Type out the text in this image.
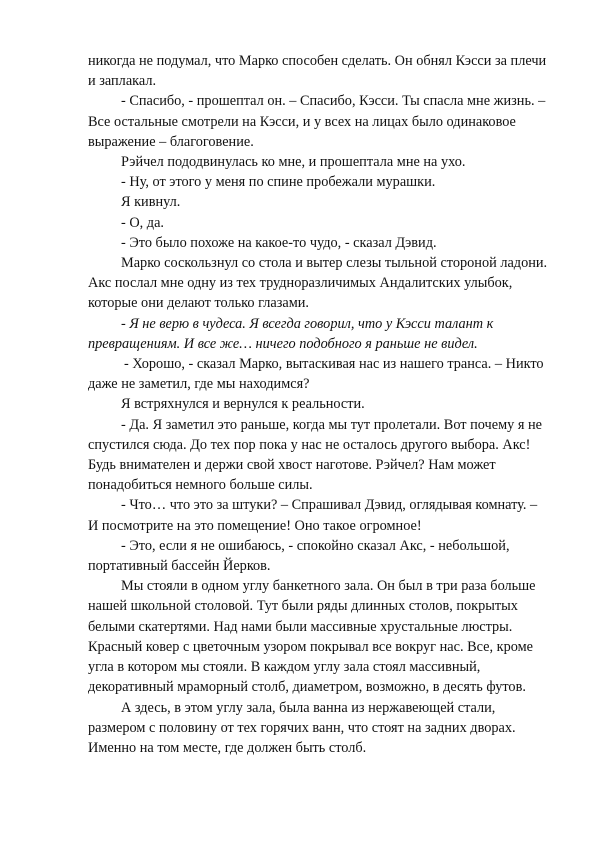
никогда не подумал, что Марко способен сделать. Он обнял Кэсси за плечи и заплакал.

- Спасибо, - прошептал он. – Спасибо, Кэсси. Ты спасла мне жизнь. – Все остальные смотрели на Кэсси, и у всех на лицах было одинаковое выражение – благоговение.

Рэйчел пододвинулась ко мне, и прошептала мне на ухо.

- Ну, от этого у меня по спине пробежали мурашки.

Я кивнул.

- О, да.

- Это было похоже на какое-то чудо, - сказал Дэвид.

Марко соскользнул со стола и вытер слезы тыльной стороной ладони. Акс послал мне одну из тех трудноразличимых Андалитских улыбок, которые они делают только глазами.

- Я не верю в чудеса. Я всегда говорил, что у Кэсси талант к превращениям. И все же… ничего подобного я раньше не видел.

- Хорошо, - сказал Марко, вытаскивая нас из нашего транса. – Никто даже не заметил, где мы находимся?

Я встряхнулся и вернулся к реальности.

- Да. Я заметил это раньше, когда мы тут пролетали. Вот почему я не спустился сюда. До тех пор пока у нас не осталось другого выбора. Акс! Будь внимателен и держи свой хвост наготове. Рэйчел? Нам может понадобиться немного больше силы.

- Что… что это за штуки? – Спрашивал Дэвид, оглядывая комнату. – И посмотрите на это помещение! Оно такое огромное!

- Это, если я не ошибаюсь, - спокойно сказал Акс, - небольшой, портативный бассейн Йерков.

Мы стояли в одном углу банкетного зала. Он был в три раза больше нашей школьной столовой. Тут были ряды длинных столов, покрытых белыми скатертями. Над нами были массивные хрустальные люстры. Красный ковер с цветочным узором покрывал все вокруг нас. Все, кроме угла в котором мы стояли. В каждом углу зала стоял массивный, декоративный мраморный столб, диаметром, возможно, в десять футов.

А здесь, в этом углу зала, была ванна из нержавеющей стали, размером с половину от тех горячих ванн, что стоят на задних дворах. Именно на том месте, где должен быть столб.
